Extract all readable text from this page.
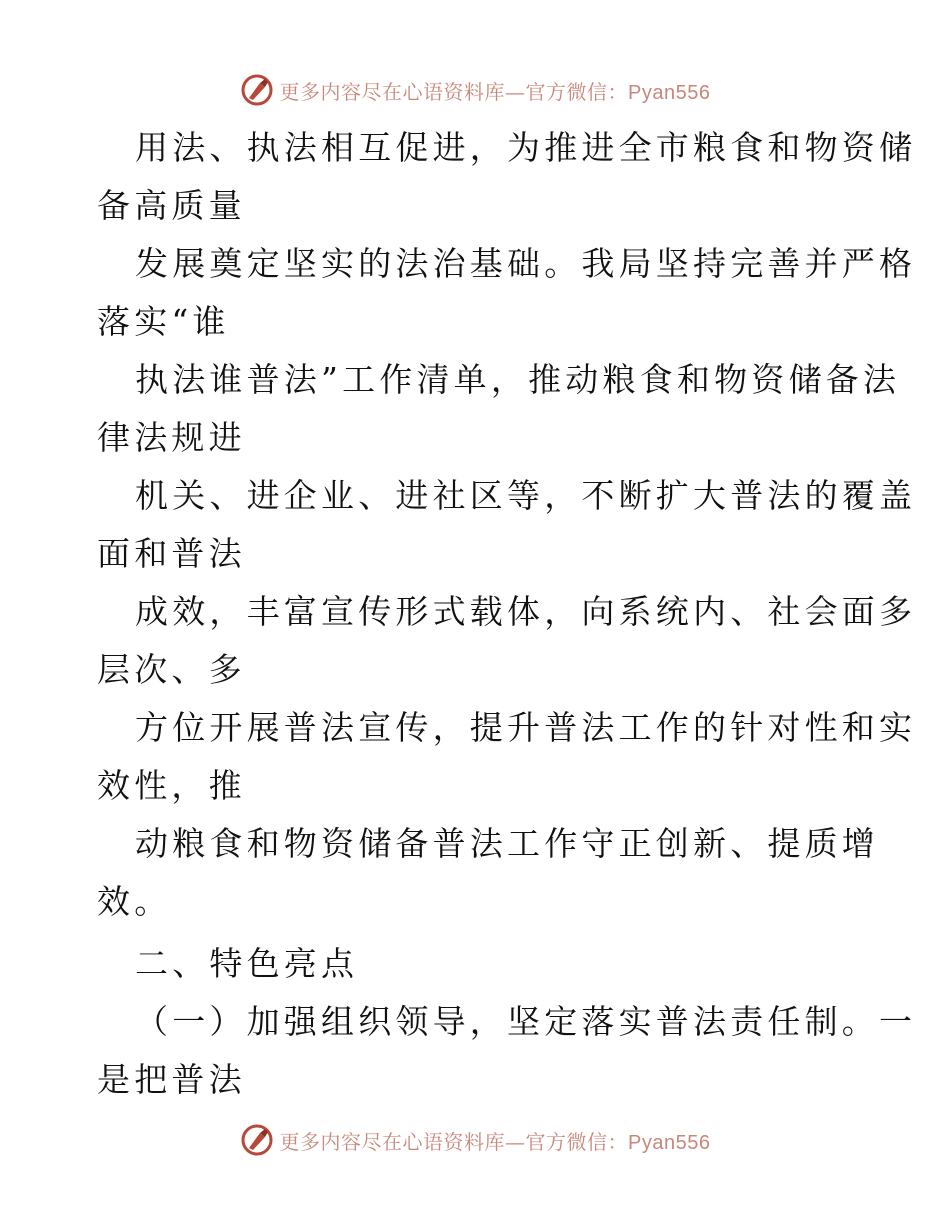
更多内容尽在心语资料库—官方微信：Pyan556
用法、执法相互促进，为推进全市粮食和物资储
备高质量
发展奠定坚实的法治基础。我局坚持完善并严格
落实“谁
执法谁普法”工作清单，推动粮食和物资储备法
律法规进
机关、进企业、进社区等，不断扩大普法的覆盖
面和普法
成效，丰富宣传形式载体，向系统内、社会面多
层次、多
方位开展普法宣传，提升普法工作的针对性和实
效性，推
动粮食和物资储备普法工作守正创新、提质增
效。
二、特色亮点
（一）加强组织领导，坚定落实普法责任制。一
是把普法
更多内容尽在心语资料库—官方微信：Pyan556
